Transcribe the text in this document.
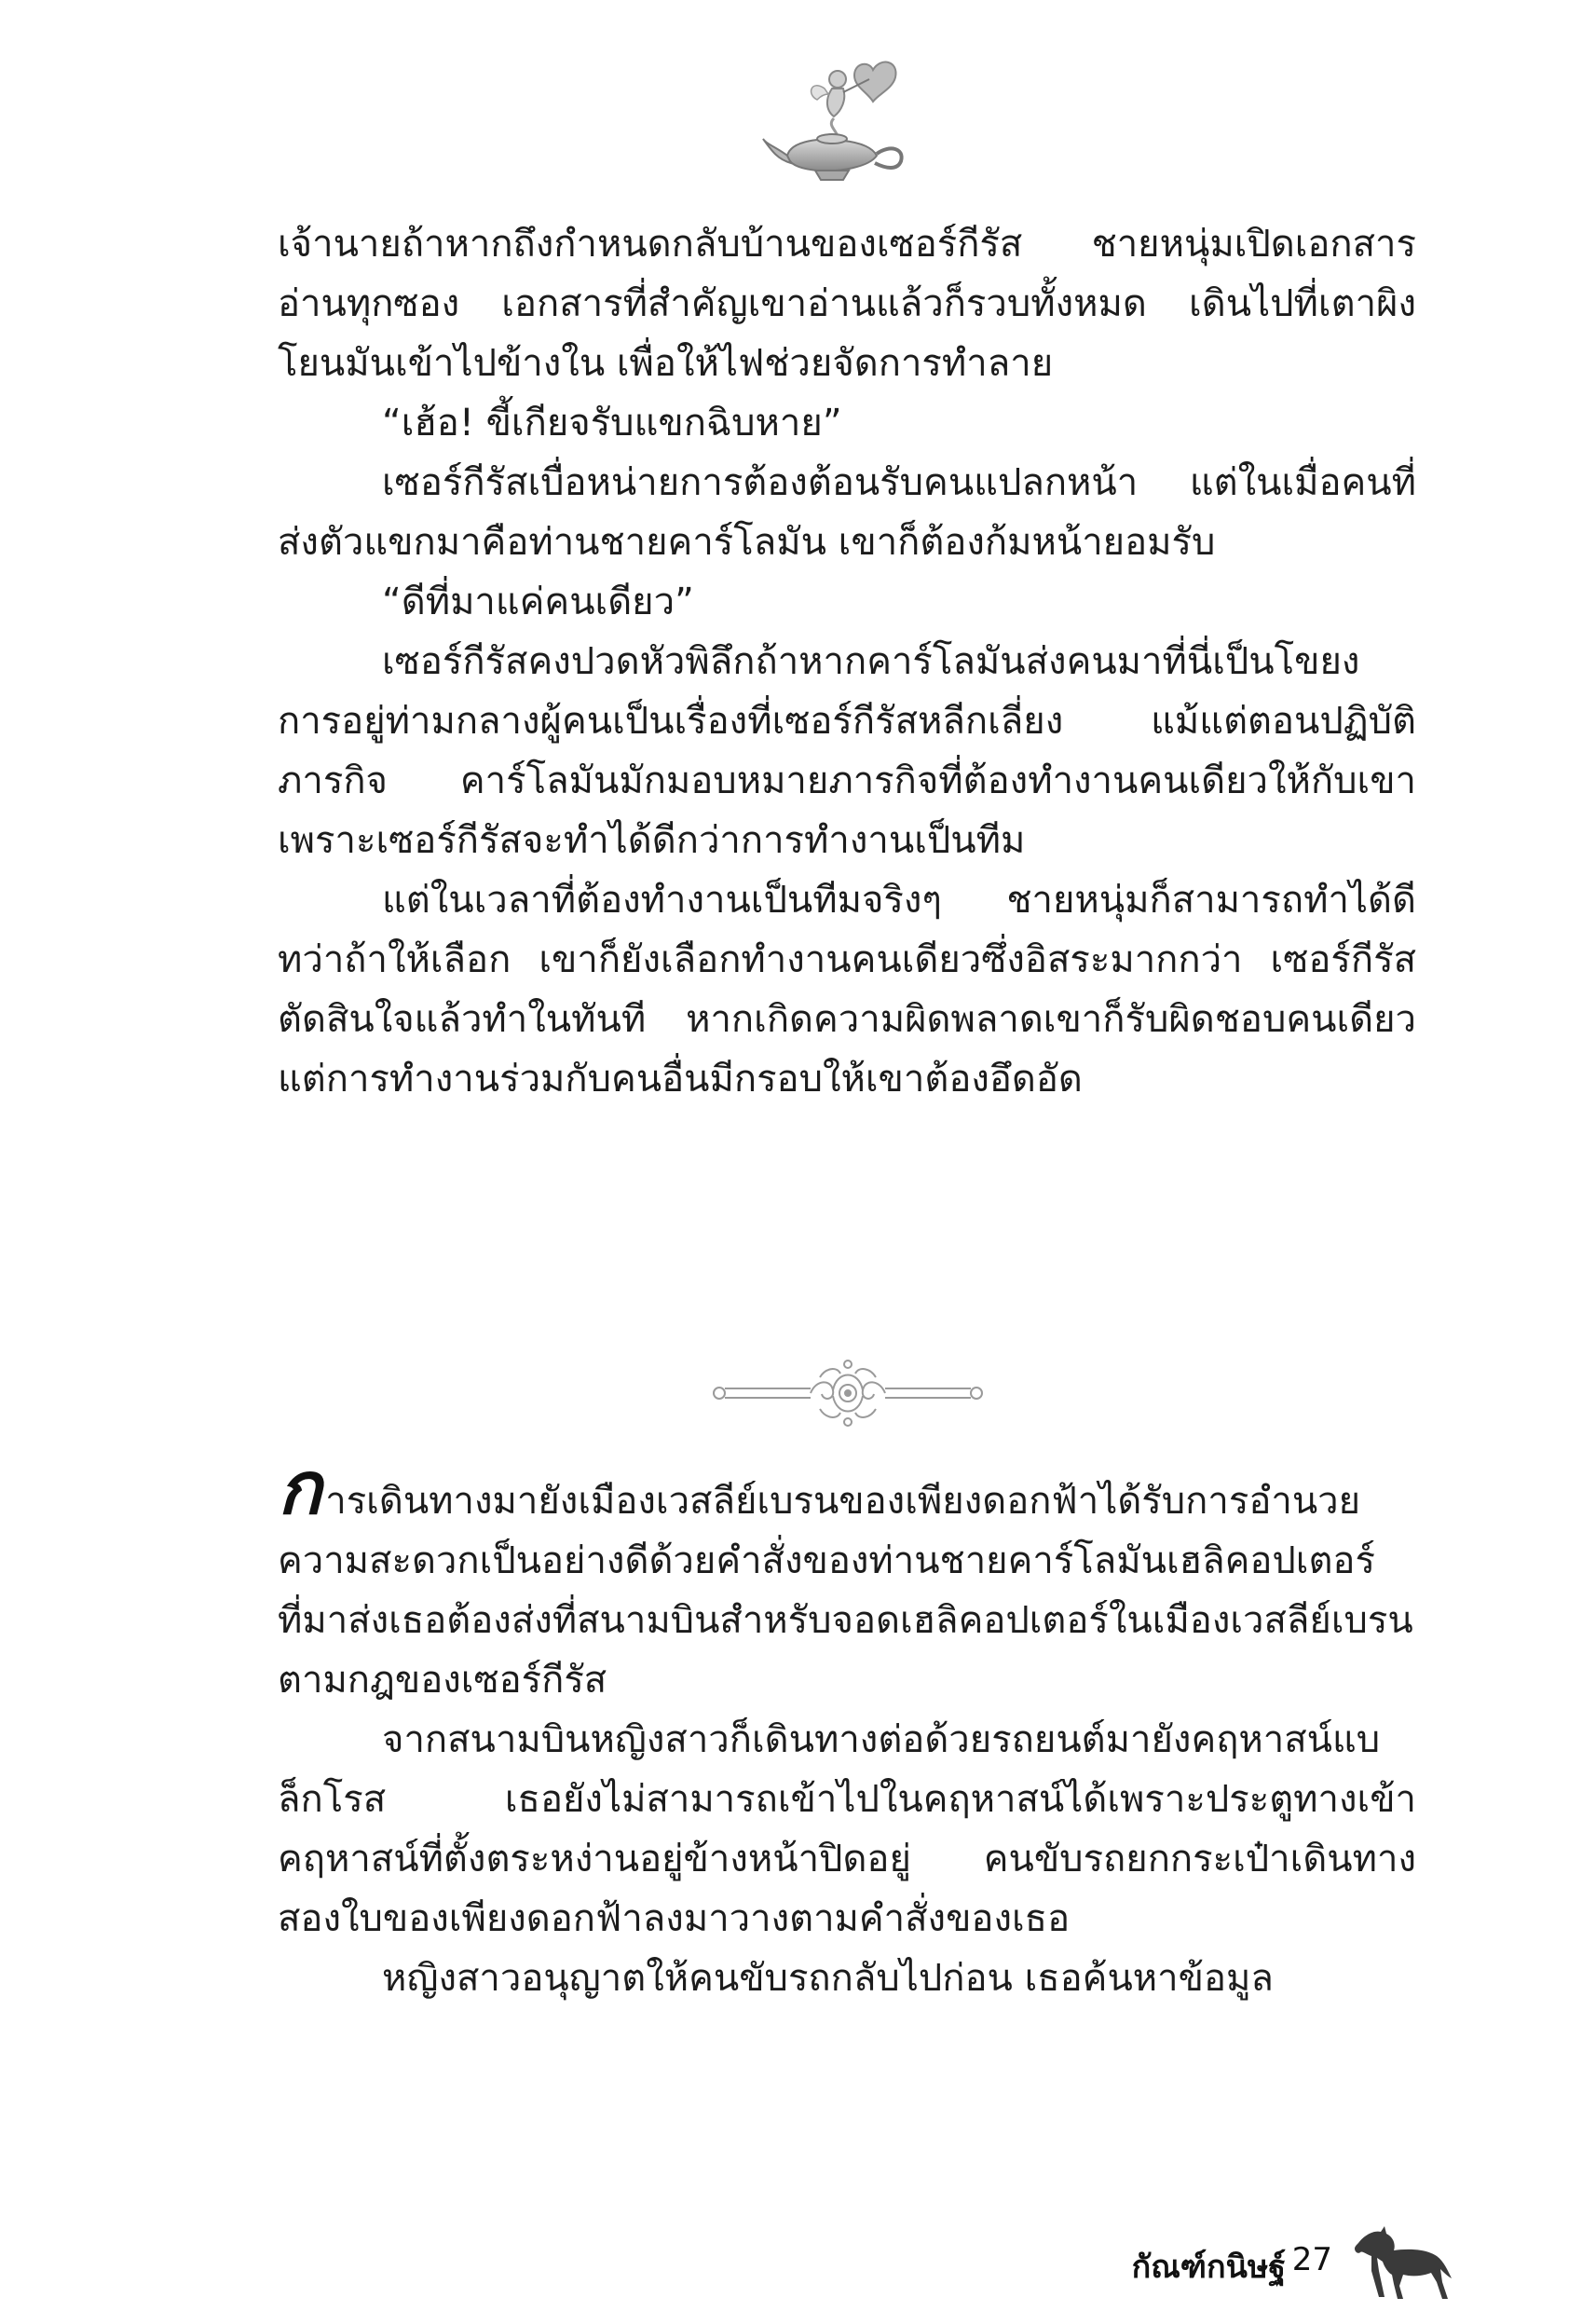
เจ้านายถ้าหากถึงกำหนดกลับบ้านของเซอร์กีรัส ชายหนุ่มเปิดเอกสารอ่านทุกซอง เอกสารที่สำคัญเขาอ่านแล้วก็รวบทั้งหมด เดินไปที่เตาผิงโยนมันเข้าไปข้างใน เพื่อให้ไฟช่วยจัดการทำลาย

“เฮ้อ! ขี้เกียจรับแขกฉิบหาย”

เซอร์กีรัสเบื่อหน่ายการต้องต้อนรับคนแปลกหน้า แต่ในเมื่อคนที่ส่งตัวแขกมาคือท่านชายคาร์โลมัน เขาก็ต้องก้มหน้ายอมรับ

“ดีที่มาแค่คนเดียว”

เซอร์กีรัสคงปวดหัวพิลึกถ้าหากคาร์โลมันส่งคนมาที่นี่เป็นโขยงการอยู่ท่ามกลางผู้คนเป็นเรื่องที่เซอร์กีรัสหลีกเลี่ยง แม้แต่ตอนปฏิบัติภารกิจ คาร์โลมันมักมอบหมายภารกิจที่ต้องทำงานคนเดียวให้กับเขาเพราะเซอร์กีรัสจะทำได้ดีกว่าการทำงานเป็นทีม

แต่ในเวลาที่ต้องทำงานเป็นทีมจริงๆ ชายหนุ่มก็สามารถทำได้ดีทว่าถ้าให้เลือก เขาก็ยังเลือกทำงานคนเดียวซึ่งอิสระมากกว่า เซอร์กีรัสตัดสินใจแล้วทำในทันที หากเกิดความผิดพลาดเขาก็รับผิดชอบคนเดียวแต่การทำงานร่วมกับคนอื่นมีกรอบให้เขาต้องอึดอัด

การเดินทางมายังเมืองเวสลีย์เบรนของเพียงดอกฟ้าได้รับการอำนวยความสะดวกเป็นอย่างดีด้วยคำสั่งของท่านชายคาร์โลมันเฮลิคอปเตอร์ที่มาส่งเธอต้องส่งที่สนามบินสำหรับจอดเฮลิคอปเตอร์ในเมืองเวสลีย์เบรนตามกฎของเซอร์กีรัส

จากสนามบินหญิงสาวก็เดินทางต่อด้วยรถยนต์มายังคฤหาสน์แบล็กโรส เธอยังไม่สามารถเข้าไปในคฤหาสน์ได้เพราะประตูทางเข้าคฤหาสน์ที่ตั้งตระหง่านอยู่ข้างหน้าปิดอยู่ คนขับรถยกกระเป๋าเดินทางสองใบของเพียงดอกฟ้าลงมาวางตามคำสั่งของเธอ

หญิงสาวอนุญาตให้คนขับรถกลับไปก่อน เธอค้นหาข้อมูล

กัณฑ์กนิษฐ์ 27
